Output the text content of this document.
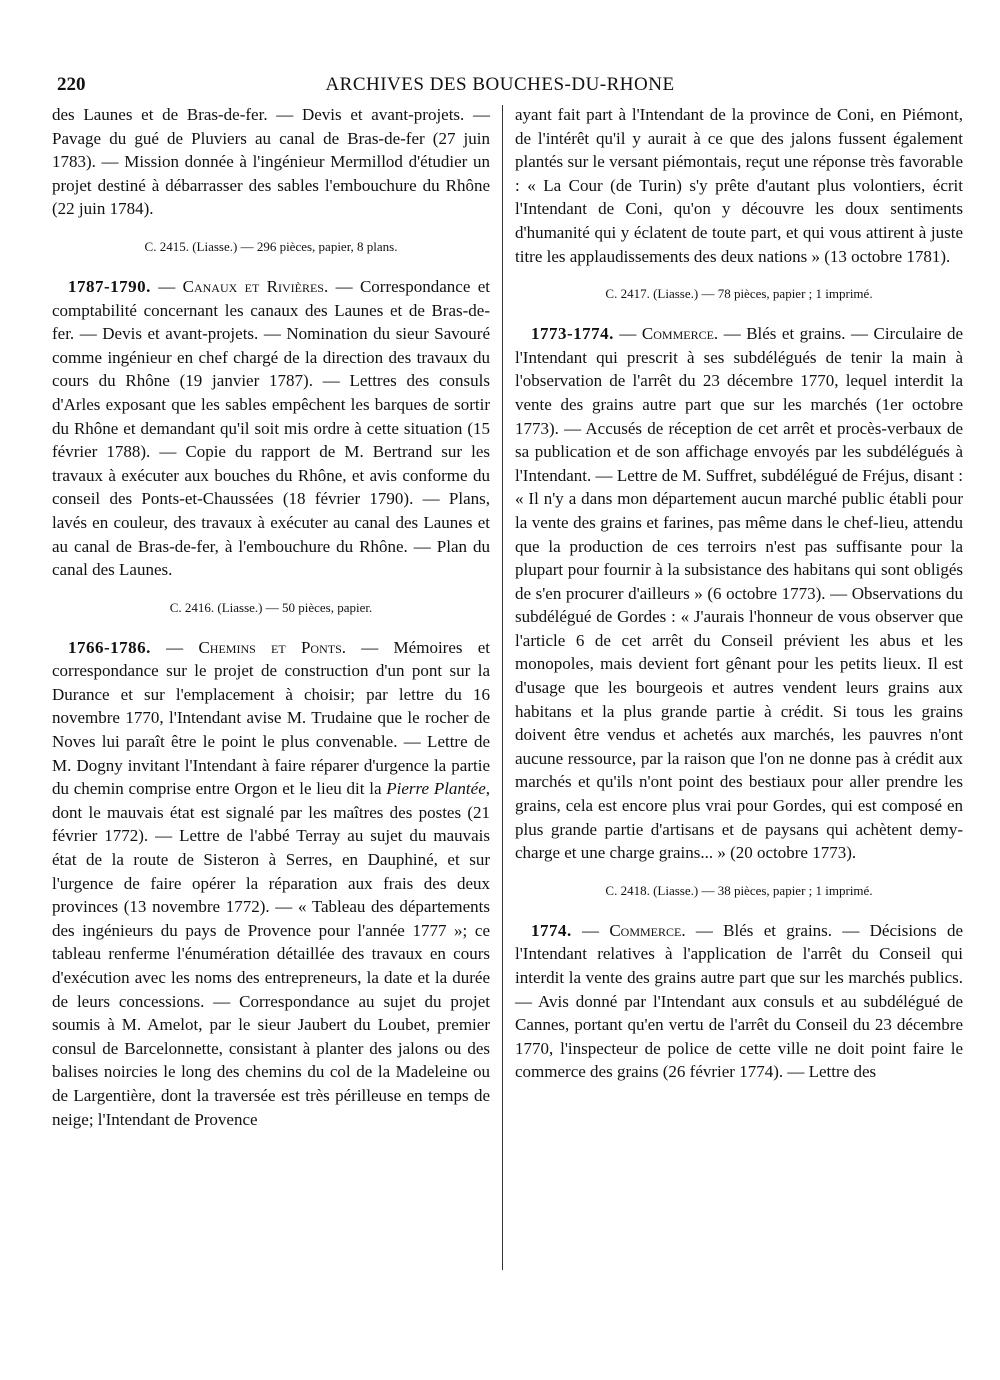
220	ARCHIVES DES BOUCHES-DU-RHONE

des Launes et de Bras-de-fer. — Devis et avant-projets. — Pavage du gué de Pluviers au canal de Bras-de-fer (27 juin 1783). — Mission donnée à l'ingénieur Mermillod d'étudier un projet destiné à débarrasser des sables l'embouchure du Rhône (22 juin 1784).

C. 2415. (Liasse.) — 296 pièces, papier, 8 plans.

1787-1790. — Canaux et Rivières. — Correspondance et comptabilité concernant les canaux des Launes et de Bras-de-fer. — Devis et avant-projets. — Nomination du sieur Savouré comme ingénieur en chef chargé de la direction des travaux du cours du Rhône (19 janvier 1787). — Lettres des consuls d'Arles exposant que les sables empêchent les barques de sortir du Rhône et demandant qu'il soit mis ordre à cette situation (15 février 1788). — Copie du rapport de M. Bertrand sur les travaux à exécuter aux bouches du Rhône, et avis conforme du conseil des Ponts-et-Chaussées (18 février 1790). — Plans, lavés en couleur, des travaux à exécuter au canal des Launes et au canal de Bras-de-fer, à l'embouchure du Rhône. — Plan du canal des Launes.

C. 2416. (Liasse.) — 50 pièces, papier.

1766-1786. — Chemins et Ponts. — Mémoires et correspondance sur le projet de construction d'un pont sur la Durance et sur l'emplacement à choisir; par lettre du 16 novembre 1770, l'Intendant avise M. Trudaine que le rocher de Noves lui paraît être le point le plus convenable. — Lettre de M. Dogny invitant l'Intendant à faire réparer d'urgence la partie du chemin comprise entre Orgon et le lieu dit la Pierre Plantée, dont le mauvais état est signalé par les maîtres des postes (21 février 1772). — Lettre de l'abbé Terray au sujet du mauvais état de la route de Sisteron à Serres, en Dauphiné, et sur l'urgence de faire opérer la réparation aux frais des deux provinces (13 novembre 1772). — « Tableau des départements des ingénieurs du pays de Provence pour l'année 1777 »; ce tableau renferme l'énumération détaillée des travaux en cours d'exécution avec les noms des entrepreneurs, la date et la durée de leurs concessions. — Correspondance au sujet du projet soumis à M. Amelot, par le sieur Jaubert du Loubet, premier consul de Barcelonnette, consistant à planter des jalons ou des balises noircies le long des chemins du col de la Madeleine ou de Largentière, dont la traversée est très périlleuse en temps de neige; l'Intendant de Provence

ayant fait part à l'Intendant de la province de Coni, en Piémont, de l'intérêt qu'il y aurait à ce que des jalons fussent également plantés sur le versant piémontais, reçut une réponse très favorable : « La Cour (de Turin) s'y prête d'autant plus volontiers, écrit l'Intendant de Coni, qu'on y découvre les doux sentiments d'humanité qui y éclatent de toute part, et qui vous attirent à juste titre les applaudissements des deux nations » (13 octobre 1781).

C. 2417. (Liasse.) — 78 pièces, papier ; 1 imprimé.

1773-1774. — Commerce. — Blés et grains. — Circulaire de l'Intendant qui prescrit à ses subdélégués de tenir la main à l'observation de l'arrêt du 23 décembre 1770, lequel interdit la vente des grains autre part que sur les marchés (1er octobre 1773). — Accusés de réception de cet arrêt et procès-verbaux de sa publication et de son affichage envoyés par les subdélégués à l'Intendant. — Lettre de M. Suffret, subdélégué de Fréjus, disant : « Il n'y a dans mon département aucun marché public établi pour la vente des grains et farines, pas même dans le chef-lieu, attendu que la production de ces terroirs n'est pas suffisante pour la plupart pour fournir à la subsistance des habitans qui sont obligés de s'en procurer d'ailleurs » (6 octobre 1773). — Observations du subdélégué de Gordes : « J'aurais l'honneur de vous observer que l'article 6 de cet arrêt du Conseil prévient les abus et les monopoles, mais devient fort gênant pour les petits lieux. Il est d'usage que les bourgeois et autres vendent leurs grains aux habitans et la plus grande partie à crédit. Si tous les grains doivent être vendus et achetés aux marchés, les pauvres n'ont aucune ressource, par la raison que l'on ne donne pas à crédit aux marchés et qu'ils n'ont point des bestiaux pour aller prendre les grains, cela est encore plus vrai pour Gordes, qui est composé en plus grande partie d'artisans et de paysans qui achètent demy-charge et une charge grains... » (20 octobre 1773).

C. 2418. (Liasse.) — 38 pièces, papier ; 1 imprimé.

1774. — Commerce. — Blés et grains. — Décisions de l'Intendant relatives à l'application de l'arrêt du Conseil qui interdit la vente des grains autre part que sur les marchés publics. — Avis donné par l'Intendant aux consuls et au subdélégué de Cannes, portant qu'en vertu de l'arrêt du Conseil du 23 décembre 1770, l'inspecteur de police de cette ville ne doit point faire le commerce des grains (26 février 1774). — Lettre des
